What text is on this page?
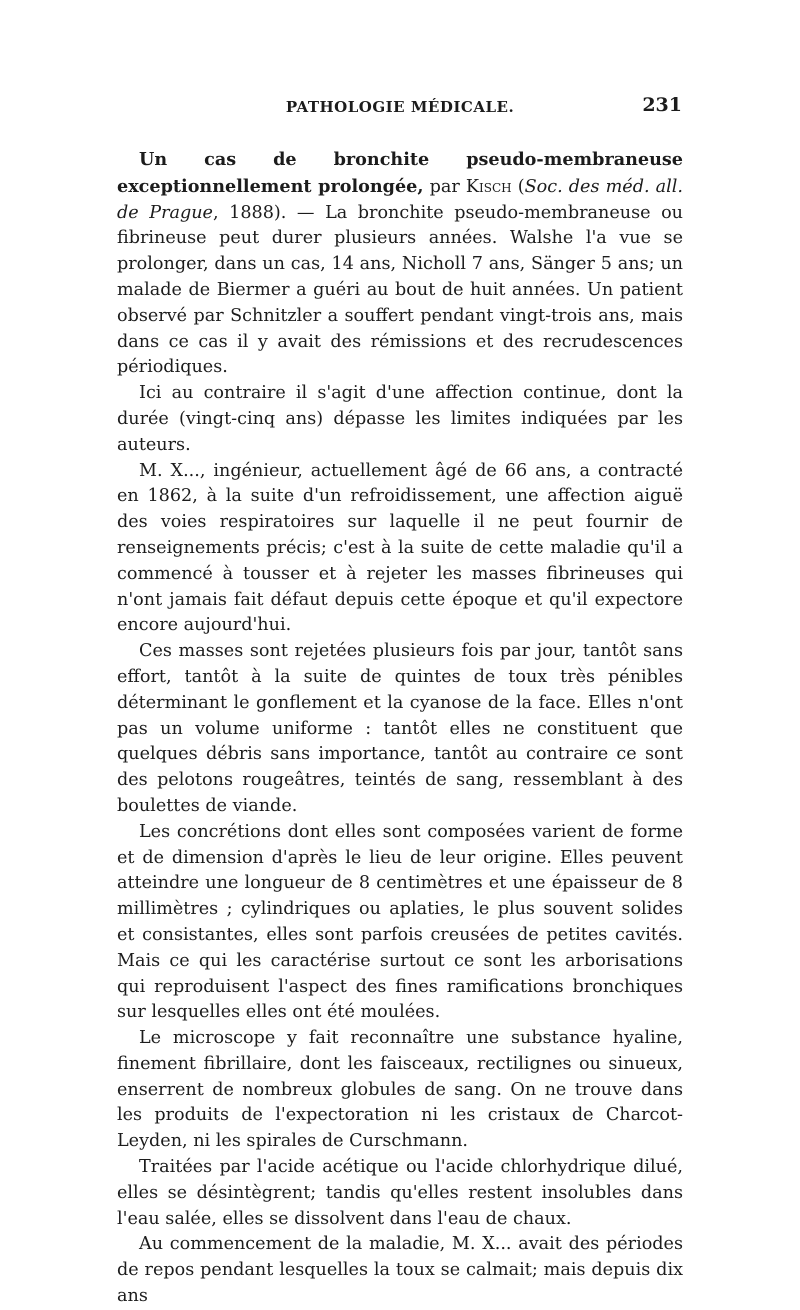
PATHOLOGIE MÉDICALE.	231

Un cas de bronchite pseudo-membraneuse exceptionnellement prolongée, par Kisch (Soc. des méd. all. de Prague, 1888). — La bronchite pseudo-membraneuse ou fibrineuse peut durer plusieurs années. Walshe l'a vue se prolonger, dans un cas, 14 ans, Nicholl 7 ans, Sänger 5 ans; un malade de Biermer a guéri au bout de huit années. Un patient observé par Schnitzler a souffert pendant vingt-trois ans, mais dans ce cas il y avait des rémissions et des recrudescences périodiques.

Ici au contraire il s'agit d'une affection continue, dont la durée (vingt-cinq ans) dépasse les limites indiquées par les auteurs.

M. X..., ingénieur, actuellement âgé de 66 ans, a contracté en 1862, à la suite d'un refroidissement, une affection aiguë des voies respiratoires sur laquelle il ne peut fournir de renseignements précis; c'est à la suite de cette maladie qu'il a commencé à tousser et à rejeter les masses fibrineuses qui n'ont jamais fait défaut depuis cette époque et qu'il expectore encore aujourd'hui.

Ces masses sont rejetées plusieurs fois par jour, tantôt sans effort, tantôt à la suite de quintes de toux très pénibles déterminant le gonflement et la cyanose de la face. Elles n'ont pas un volume uniforme : tantôt elles ne constituent que quelques débris sans importance, tantôt au contraire ce sont des pelotons rougeâtres, teintés de sang, ressemblant à des boulettes de viande.

Les concrétions dont elles sont composées varient de forme et de dimension d'après le lieu de leur origine. Elles peuvent atteindre une longueur de 8 centimètres et une épaisseur de 8 millimètres ; cylindriques ou aplaties, le plus souvent solides et consistantes, elles sont parfois creusées de petites cavités. Mais ce qui les caractérise surtout ce sont les arborisations qui reproduisent l'aspect des fines ramifications bronchiques sur lesquelles elles ont été moulées.

Le microscope y fait reconnaître une substance hyaline, finement fibrillaire, dont les faisceaux, rectilignes ou sinueux, enserrent de nombreux globules de sang. On ne trouve dans les produits de l'expectoration ni les cristaux de Charcot-Leyden, ni les spirales de Curschmann.

Traitées par l'acide acétique ou l'acide chlorhydrique dilué, elles se désintègrent; tandis qu'elles restent insolubles dans l'eau salée, elles se dissolvent dans l'eau de chaux.

Au commencement de la maladie, M. X... avait des périodes de repos pendant lesquelles la toux se calmait; mais depuis dix ans
